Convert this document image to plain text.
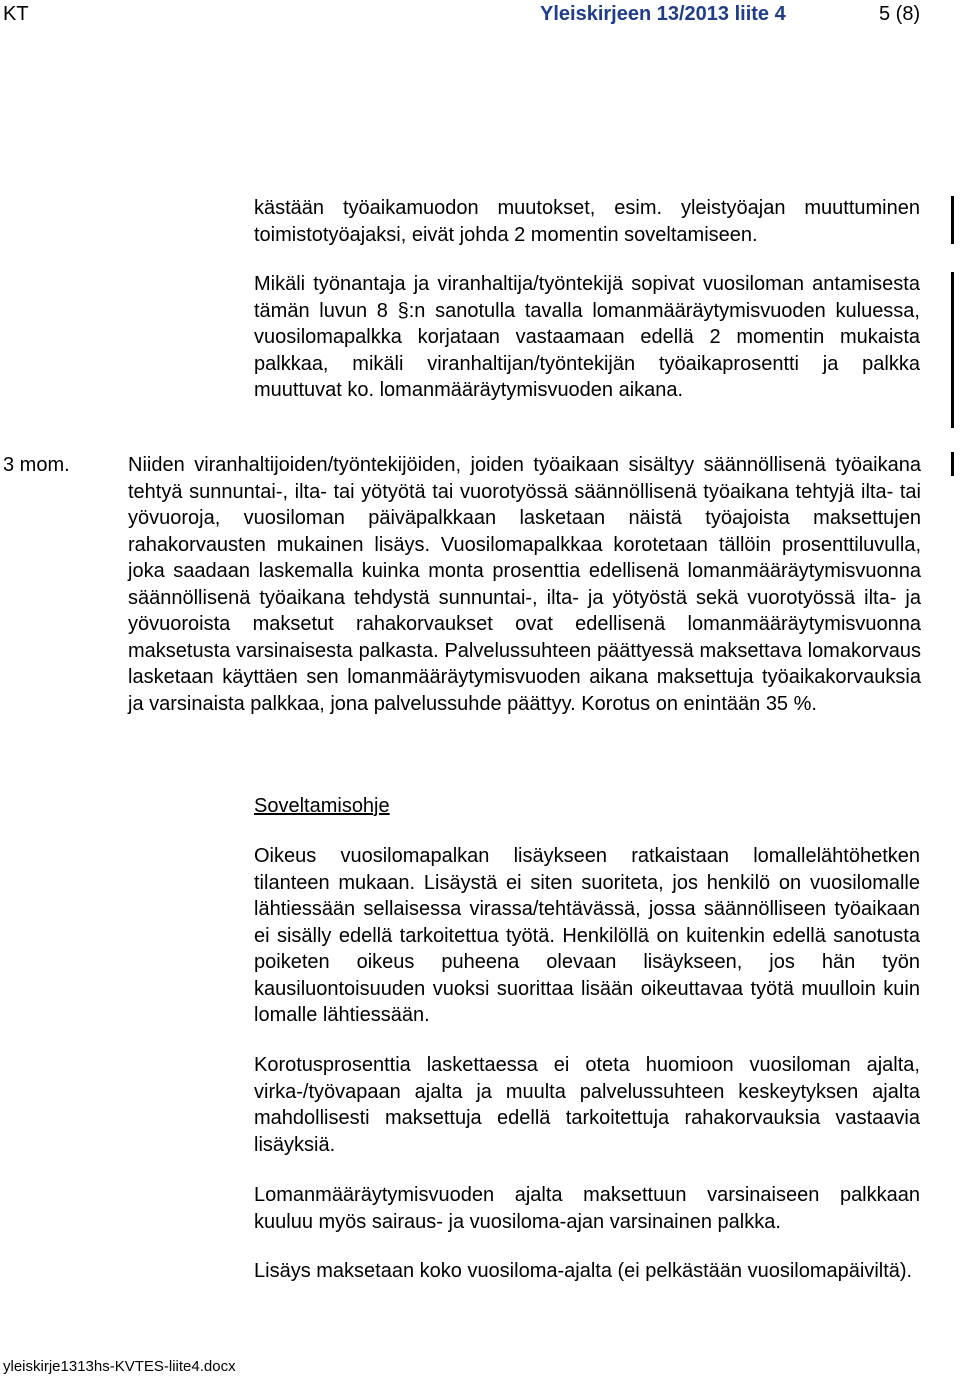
KT	Yleiskirjeen 13/2013 liite 4	5 (8)

kästään työaikamuodon muutokset, esim. yleistyöajan muuttuminen toimistotyöajaksi, eivät johda 2 momentin soveltamiseen.

Mikäli työnantaja ja viranhaltija/työntekijä sopivat vuosiloman antamisesta tämän luvun 8 §:n sanotulla tavalla lomanmääräytymisvuoden kuluessa, vuosilomapalkka korjataan vastaamaan edellä 2 momentin mukaista palkkaa, mikäli viranhaltijan/työntekijän työaikaprosentti ja palkka muuttuvat ko. lomanmääräytymisvuoden aikana.

3 mom.	Niiden viranhaltijoiden/työntekijöiden, joiden työaikaan sisältyy säännöllisenä työaikana tehtyä sunnuntai-, ilta- tai yötyötä tai vuorotyössä säännöllisenä työaikana tehtyjä ilta- tai yövuoroja, vuosiloman päiväpalkkaan lasketaan näistä työajoista maksettujen rahakorvausten mukainen lisäys. Vuosilomapalkkaa korotetaan tällöin prosenttiluvulla, joka saadaan laskemalla kuinka monta prosenttia edellisenä lomanmääräytymisvuonna säännöllisenä työaikana tehdystä sunnuntai-, ilta- ja yötyöstä sekä vuorotyössä ilta- ja yövuoroista maksetut rahakorvaukset ovat edellisenä lomanmääräytymisvuonna maksetusta varsinaisesta palkasta. Palvelussuhteen päättyessä maksettava lomakorvaus lasketaan käyttäen sen lomanmääräytymisvuoden aikana maksettuja työaikakorvauksia ja varsinaista palkkaa, jona palvelussuhde päättyy. Korotus on enintään 35 %.

Soveltamisohje

Oikeus vuosilomapalkan lisäykseen ratkaistaan lomallelähtöhetken tilanteen mukaan. Lisäystä ei siten suoriteta, jos henkilö on vuosilomalle lähtiessään sellaisessa virassa/tehtävässä, jossa säännölliseen työaikaan ei sisälly edellä tarkoitettua työtä. Henkilöllä on kuitenkin edellä sanotusta poiketen oikeus puheena olevaan lisäykseen, jos hän työn kausiluontoisuuden vuoksi suorittaa lisään oikeuttavaa työtä muulloin kuin lomalle lähtiessään.

Korotusprosenttia laskettaessa ei oteta huomioon vuosiloman ajalta, virka-/työvapaan ajalta ja muulta palvelussuhteen keskeytyksen ajalta mahdollisesti maksettuja edellä tarkoitettuja rahakorvauksia vastaavia lisäyksiä.

Lomanmääräytymisvuoden ajalta maksettuun varsinaiseen palkkaan kuuluu myös sairaus- ja vuosiloma-ajan varsinainen palkka.

Lisäys maksetaan koko vuosiloma-ajalta (ei pelkästään vuosilomapäiviltä).

yleiskirje1313hs-KVTES-liite4.docx
